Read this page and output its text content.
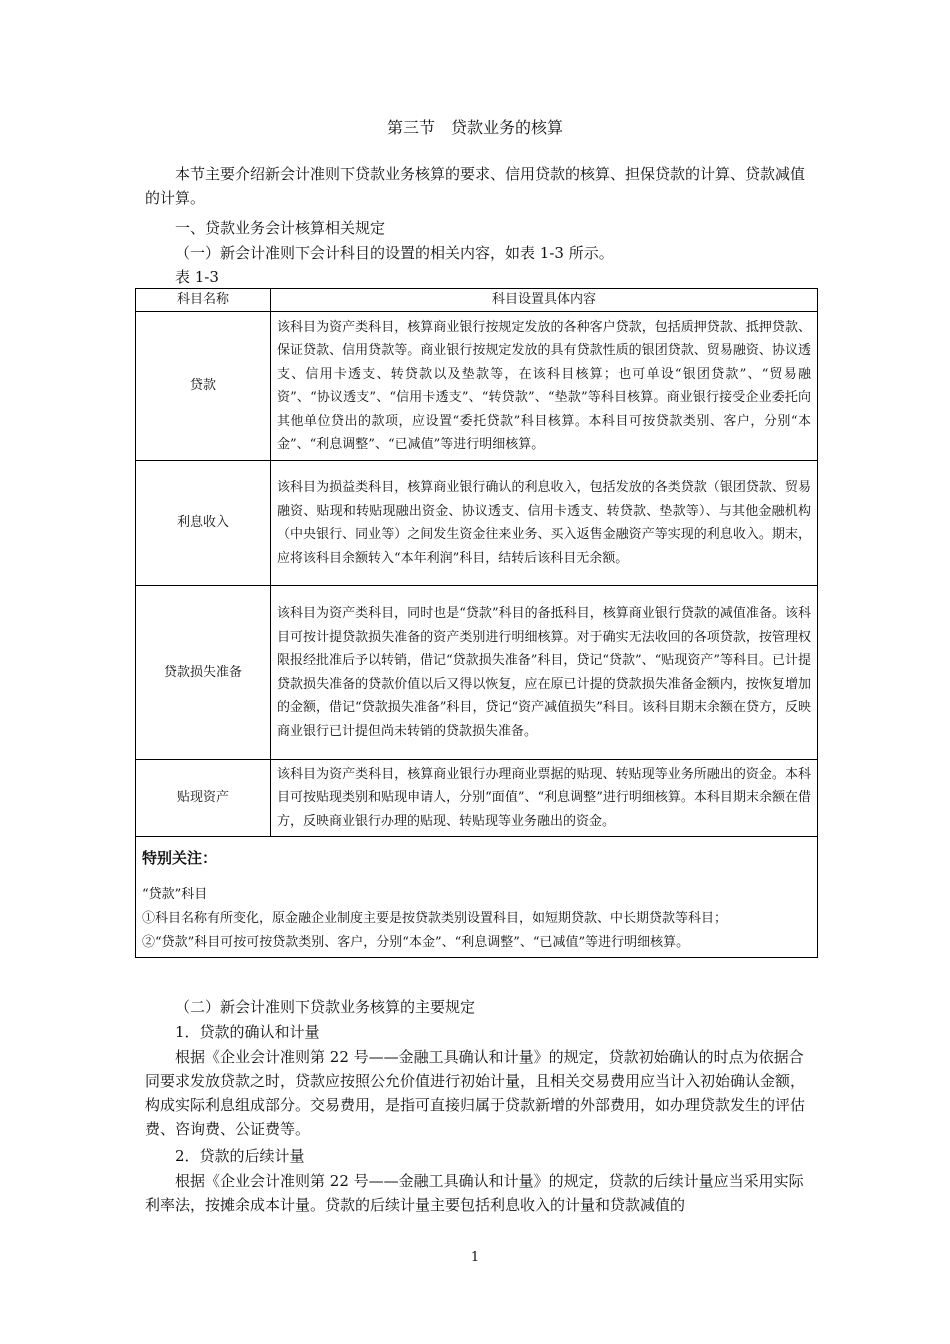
第三节　贷款业务的核算

本节主要介绍新会计准则下贷款业务核算的要求、信用贷款的核算、担保贷款的计算、贷款减值的计算。

一、贷款业务会计核算相关规定
（一）新会计准则下会计科目的设置的相关内容，如表 1-3 所示。
表 1-3
科目名称	科目设置具体内容
贷款	该科目为资产类科目，核算商业银行按规定发放的各种客户贷款，包括质押贷款、抵押贷款、保证贷款、信用贷款等。商业银行按规定发放的具有贷款性质的银团贷款、贸易融资、协议透支、信用卡透支、转贷款以及垫款等，在该科目核算；也可单设“银团贷款”、“贸易融资”、“协议透支”、“信用卡透支”、“转贷款”、“垫款”等科目核算。商业银行接受企业委托向其他单位贷出的款项，应设置“委托贷款”科目核算。本科目可按贷款类别、客户，分别“本金”、“利息调整”、“已减值”等进行明细核算。
利息收入	该科目为损益类科目，核算商业银行确认的利息收入，包括发放的各类贷款（银团贷款、贸易融资、贴现和转贴现融出资金、协议透支、信用卡透支、转贷款、垫款等）、与其他金融机构（中央银行、同业等）之间发生资金往来业务、买入返售金融资产等实现的利息收入。期末，应将该科目余额转入“本年利润”科目，结转后该科目无余额。
贷款损失准备	该科目为资产类科目，同时也是“贷款”科目的备抵科目，核算商业银行贷款的减值准备。该科目可按计提贷款损失准备的资产类别进行明细核算。对于确实无法收回的各项贷款，按管理权限报经批准后予以转销，借记“贷款损失准备”科目，贷记“贷款”、“贴现资产”等科目。已计提贷款损失准备的贷款价值以后又得以恢复，应在原已计提的贷款损失准备金额内，按恢复增加的金额，借记“贷款损失准备”科目，贷记“资产减值损失”科目。该科目期末余额在贷方，反映商业银行已计提但尚未转销的贷款损失准备。
贴现资产	该科目为资产类科目，核算商业银行办理商业票据的贴现、转贴现等业务所融出的资金。本科目可按贴现类别和贴现申请人，分别“面值”、“利息调整”进行明细核算。本科目期末余额在借方，反映商业银行办理的贴现、转贴现等业务融出的资金。

特别关注：
“贷款”科目
①科目名称有所变化，原金融企业制度主要是按贷款类别设置科目，如短期贷款、中长期贷款等科目；
②“贷款”科目可按可按贷款类别、客户，分别“本金”、“利息调整”、“已减值”等进行明细核算。	
（二）新会计准则下贷款业务核算的主要规定
1．贷款的确认和计量

根据《企业会计准则第 22 号——金融工具确认和计量》的规定，贷款初始确认的时点为依据合同要求发放贷款之时，贷款应按照公允价值进行初始计量，且相关交易费用应当计入初始确认金额，构成实际利息组成部分。交易费用，是指可直接归属于贷款新增的外部费用，如办理贷款发生的评估费、咨询费、公证费等。

2．贷款的后续计量

根据《企业会计准则第 22 号——金融工具确认和计量》的规定，贷款的后续计量应当采用实际利率法，按摊余成本计量。贷款的后续计量主要包括利息收入的计量和贷款减值的

1
